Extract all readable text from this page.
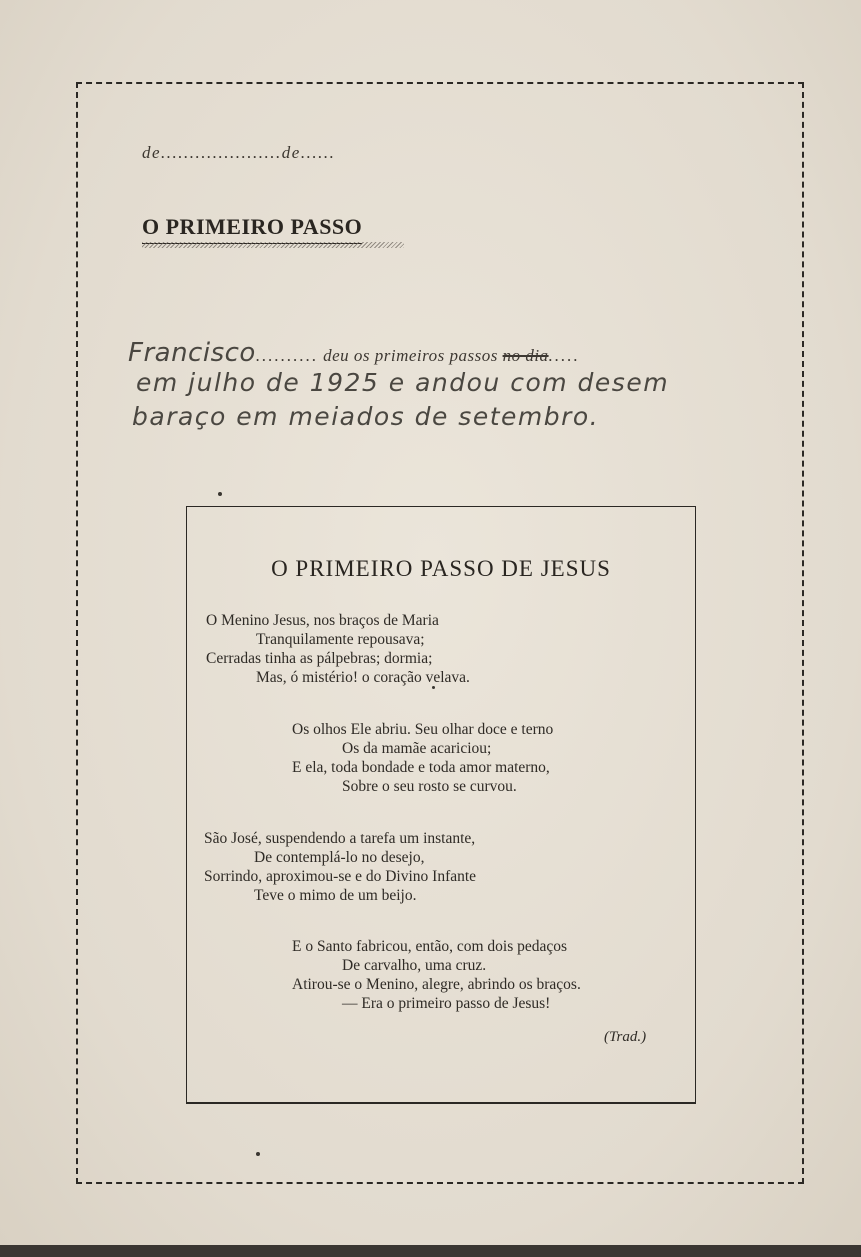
de.....................de......
O PRIMEIRO PASSO
Francisco.......... deu os primeiros passos no dia.....
em julho de 1925 e andou com desem
baraço em meiados de setembro.
O PRIMEIRO PASSO DE JESUS
O Menino Jesus, nos braços de Maria
Tranquilamente repousava;
Cerradas tinha as pálpebras; dormia;
Mas, ó mistério! o coração velava.
Os olhos Ele abriu. Seu olhar doce e terno
Os da mamãe acariciou;
E ela, toda bondade e toda amor materno,
Sobre o seu rosto se curvou.
São José, suspendendo a tarefa um instante,
De contemplá-lo no desejo,
Sorrindo, aproximou-se e do Divino Infante
Teve o mimo de um beijo.
E o Santo fabricou, então, com dois pedaços
De carvalho, uma cruz.
Atirou-se o Menino, alegre, abrindo os braços.
— Era o primeiro passo de Jesus!
(Trad.)
